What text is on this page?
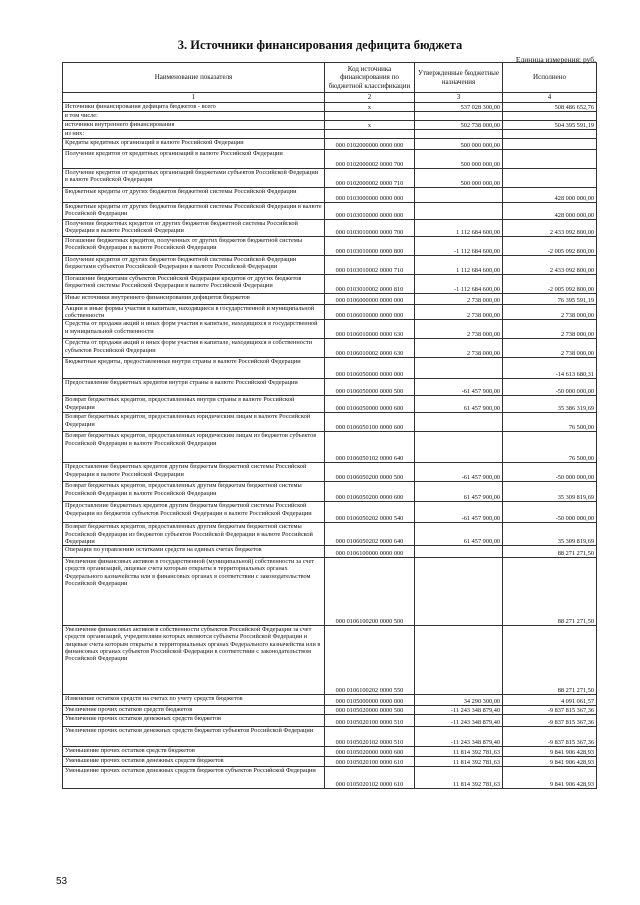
3. Источники финансирования дефицита бюджета
Единица измерения: руб.
Наименование показателя	Код источника финансирования по бюджетной классификации	Утвержденные бюджетные назначения	Исполнено
1	2	3	4
Источники финансирования дефицита бюджетов - всего	х	537 028 300,00	508 486 652,76
в том числе:			
источники внутреннего финансирования	х	502 738 000,00	504 395 591,19
из них:			
Кредиты кредитных организаций в валюте Российской Федерации	000 0102000000 0000 000	500 000 000,00	
Получение кредитов от кредитных организаций в валюте Российской Федерации	000 0102000002 0000 700	500 000 000,00	
Получение кредитов от кредитных организаций бюджетами субъектов Российской Федерации в валюте Российской Федерации	000 0102000002 0000 710	500 000 000,00	
Бюджетные кредиты от других бюджетов бюджетной системы Российской Федерации	000 0103000000 0000 000		428 000 000,00
Бюджетные кредиты от других бюджетов бюджетной системы Российской Федерации в валюте Российской Федерации	000 0103010000 0000 000		428 000 000,00
Получение бюджетных кредитов от других бюджетов бюджетной системы Российской Федерации в валюте Российской Федерации	000 0103010000 0000 700	1 112 684 600,00	2 433 092 800,00
Погашение бюджетных кредитов, полученных от других бюджетов бюджетной системы Российской Федерации в валюте Российской Федерации	000 0103010000 0000 800	-1 112 684 600,00	-2 005 092 800,00
Получение кредитов от других бюджетов бюджетной системы Российской Федерации бюджетами субъектов Российской Федерации в валюте Российской Федерации	000 0103010002 0000 710	1 112 684 600,00	2 433 092 800,00
Погашение бюджетами субъектов Российской Федерации кредитов от других бюджетов бюджетной системы Российской Федерации в валюте Российской Федерации	000 0103010002 0000 810	-1 112 684 600,00	-2 005 092 800,00
Иные источники внутреннего финансирования дефицитов бюджетов	000 0106000000 0000 000	2 738 000,00	76 395 591,19
Акции и иные формы участия в капитале, находящиеся в государственной и муниципальной собственности	000 0106010000 0000 000	2 738 000,00	2 738 000,00
Средства от продажи акций и иных форм участия в капитале, находящихся в государственной и муниципальной собственности	000 0106010000 0000 630	2 738 000,00	2 738 000,00
Средства от продажи акций и иных форм участия в капитале, находящихся в собственности субъектов Российской Федерации	000 0106010002 0000 630	2 738 000,00	2 738 000,00
Бюджетные кредиты, предоставленные внутри страны в валюте Российской Федерации	000 0106050000 0000 000		-14 613 680,31
Предоставление бюджетных кредитов внутри страны в валюте Российской Федерации	000 0106050000 0000 500	-61 457 900,00	-50 000 000,00
Возврат бюджетных кредитов, предоставленных внутри страны в валюте Российской Федерации	000 0106050000 0000 600	61 457 900,00	35 386 319,69
Возврат бюджетных кредитов, предоставленных юридическим лицам в валюте Российской Федерации	000 0106050100 0000 600		76 500,00
Возврат бюджетных кредитов, предоставленных юридическим лицам из бюджетов субъектов Российской Федерации в валюте Российской Федерации	000 0106050102 0000 640		76 500,00
Предоставление бюджетных кредитов другим бюджетам бюджетной системы Российской Федерации в валюте Российской Федерации	000 0106050200 0000 500	-61 457 900,00	-50 000 000,00
Возврат бюджетных кредитов, предоставленных другим бюджетам бюджетной системы Российской Федерации в валюте Российской Федерации	000 0106050200 0000 600	61 457 900,00	35 309 819,69
Предоставление бюджетных кредитов другим бюджетам бюджетной системы Российской Федерации из бюджетов субъектов Российской Федерации в валюте Российской Федерации	000 0106050202 0000 540	-61 457 900,00	-50 000 000,00
Возврат бюджетных кредитов, предоставленных другим бюджетам бюджетной системы Российской Федерации из бюджетов субъектов Российской Федерации в валюте Российской Федерации	000 0106050202 0000 640	61 457 900,00	35 309 819,69
Операции по управлению остатками средств на единых счетах бюджетов	000 0106100000 0000 000		88 271 271,50
Увеличение финансовых активов в государственной (муниципальной) собственности за счет средств организаций, лицевые счета которым открыты в территориальных органах Федерального казначейства или в финансовых органах в соответствии с законодательством Российской Федерации	000 0106100200 0000 500		88 271 271,50
Увеличение финансовых активов в собственности субъектов Российской Федерации за счет средств организаций, учредителями которых являются субъекты Российской Федерации и лицевые счета которым открыты в территориальных органах Федерального казначейства или в финансовых органах субъектов Российской Федерации в соответствии с законодательством Российской Федерации	000 0106100202 0000 550		88 271 271,50
Изменение остатков средств на счетах по учету средств бюджетов	000 0105000000 0000 000	34 290 300,00	4 091 061,57
Увеличение прочих остатков средств бюджетов	000 0105020000 0000 500	-11 243 348 879,40	-9 837 815 367,36
Увеличение прочих остатков денежных средств бюджетов	000 0105020100 0000 510	-11 243 348 879,40	-9 837 815 367,36
Увеличение прочих остатков денежных средств бюджетов субъектов Российской Федерации	000 0105020102 0000 510	-11 243 348 879,40	-9 837 815 367,36
Уменьшение прочих остатков средств бюджетов	000 0105020000 0000 600	11 814 392 781,63	9 841 906 428,93
Уменьшение прочих остатков денежных средств бюджетов	000 0105020100 0000 610	11 814 392 781,63	9 841 906 428,93
Уменьшение прочих остатков денежных средств бюджетов субъектов Российской Федерации	000 0105020102 0000 610	11 814 392 781,63	9 841 906 428,93
53
